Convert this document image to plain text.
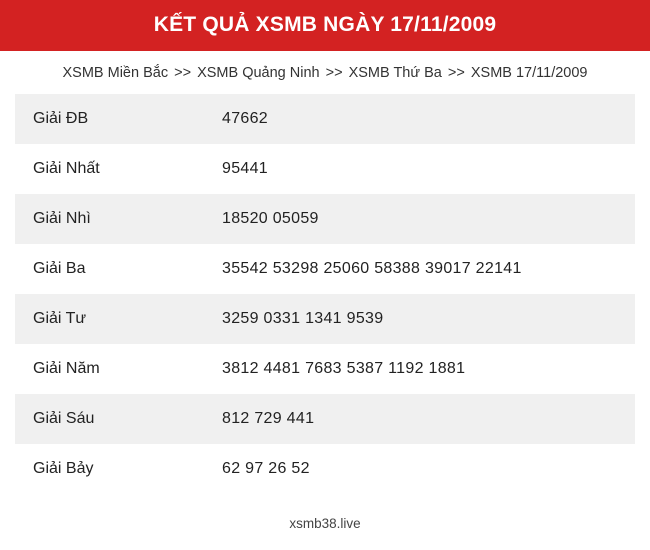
KẾT QUẢ XSMB NGÀY 17/11/2009
XSMB Miền Bắc >> XSMB Quảng Ninh >> XSMB Thứ Ba >> XSMB 17/11/2009
Giải ĐB	47662
Giải Nhất	95441
Giải Nhì	18520 05059
Giải Ba	35542 53298 25060 58388 39017 22141
Giải Tư	3259 0331 1341 9539
Giải Năm	3812 4481 7683 5387 1192 1881
Giải Sáu	812 729 441
Giải Bảy	62 97 26 52
xsmb38.live
